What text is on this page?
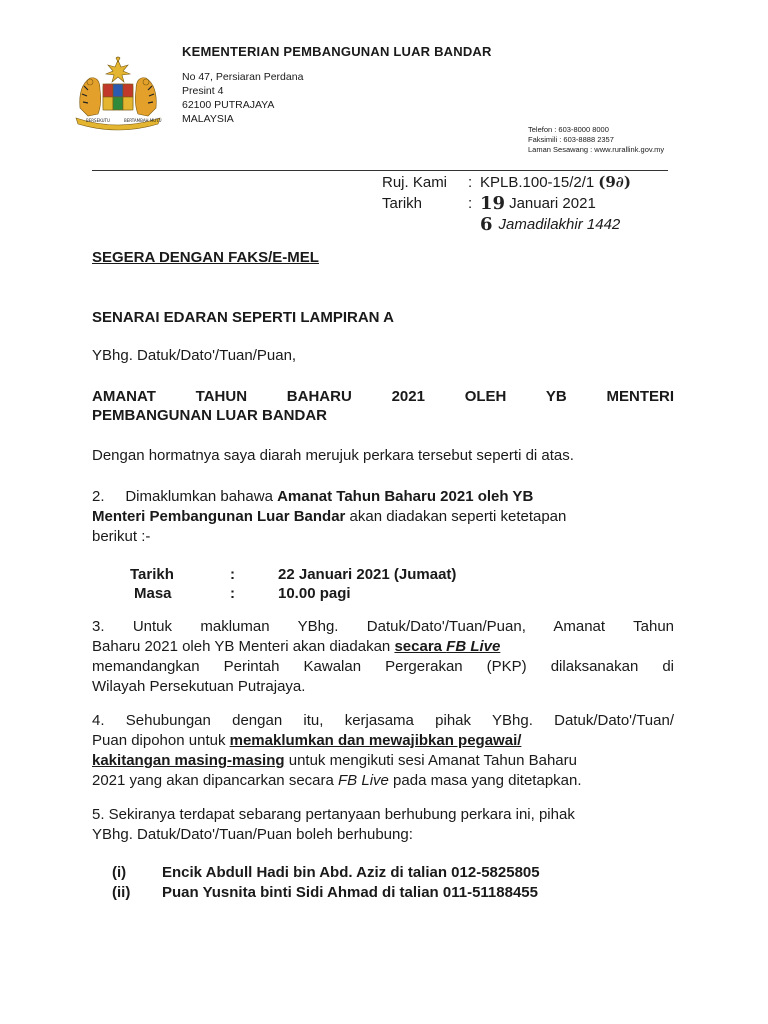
BERSEKUTU	BERTAMBAH MUTU
KEMENTERIAN PEMBANGUNAN LUAR BANDAR
No 47, Persiaran Perdana
Presint 4
62100 PUTRAJAYA
MALAYSIA
Telefon : 603-8000 8000
Faksimili : 603-8888 2357
Laman Sesawang : www.rurallink.gov.my
Ruj. Kami	: KPLB.100-15/2/1 (9∂)
Tarikh	: 19 Januari 2021
6 Jamadilakhir 1442
SEGERA DENGAN FAKS/E-MEL
SENARAI EDARAN SEPERTI LAMPIRAN A
YBhg. Datuk/Dato'/Tuan/Puan,
AMANAT TAHUN BAHARU 2021 OLEH YB MENTERI
PEMBANGUNAN LUAR BANDAR
Dengan hormatnya saya diarah merujuk perkara tersebut seperti di atas.
2.     Dimaklumkan bahawa Amanat Tahun Baharu 2021 oleh YB
Menteri Pembangunan Luar Bandar akan diadakan seperti ketetapan
berikut :-
Tarikh	:	22 Januari 2021 (Jumaat)
Masa	:	10.00 pagi
3. Untuk makluman YBhg. Datuk/Dato'/Tuan/Puan, Amanat Tahun
Baharu 2021 oleh YB Menteri akan diadakan secara FB Live
memandangkan Perintah Kawalan Pergerakan (PKP) dilaksanakan di
Wilayah Persekutuan Putrajaya.
4. Sehubungan dengan itu, kerjasama pihak YBhg. Datuk/Dato'/Tuan/
Puan dipohon untuk memaklumkan dan mewajibkan pegawai/
kakitangan masing-masing untuk mengikuti sesi Amanat Tahun Baharu
2021 yang akan dipancarkan secara FB Live pada masa yang ditetapkan.
5. Sekiranya terdapat sebarang pertanyaan berhubung perkara ini, pihak
YBhg. Datuk/Dato'/Tuan/Puan boleh berhubung:
(i)	Encik Abdull Hadi bin Abd. Aziz di talian 012-5825805
(ii)	Puan Yusnita binti Sidi Ahmad di talian 011-51188455
